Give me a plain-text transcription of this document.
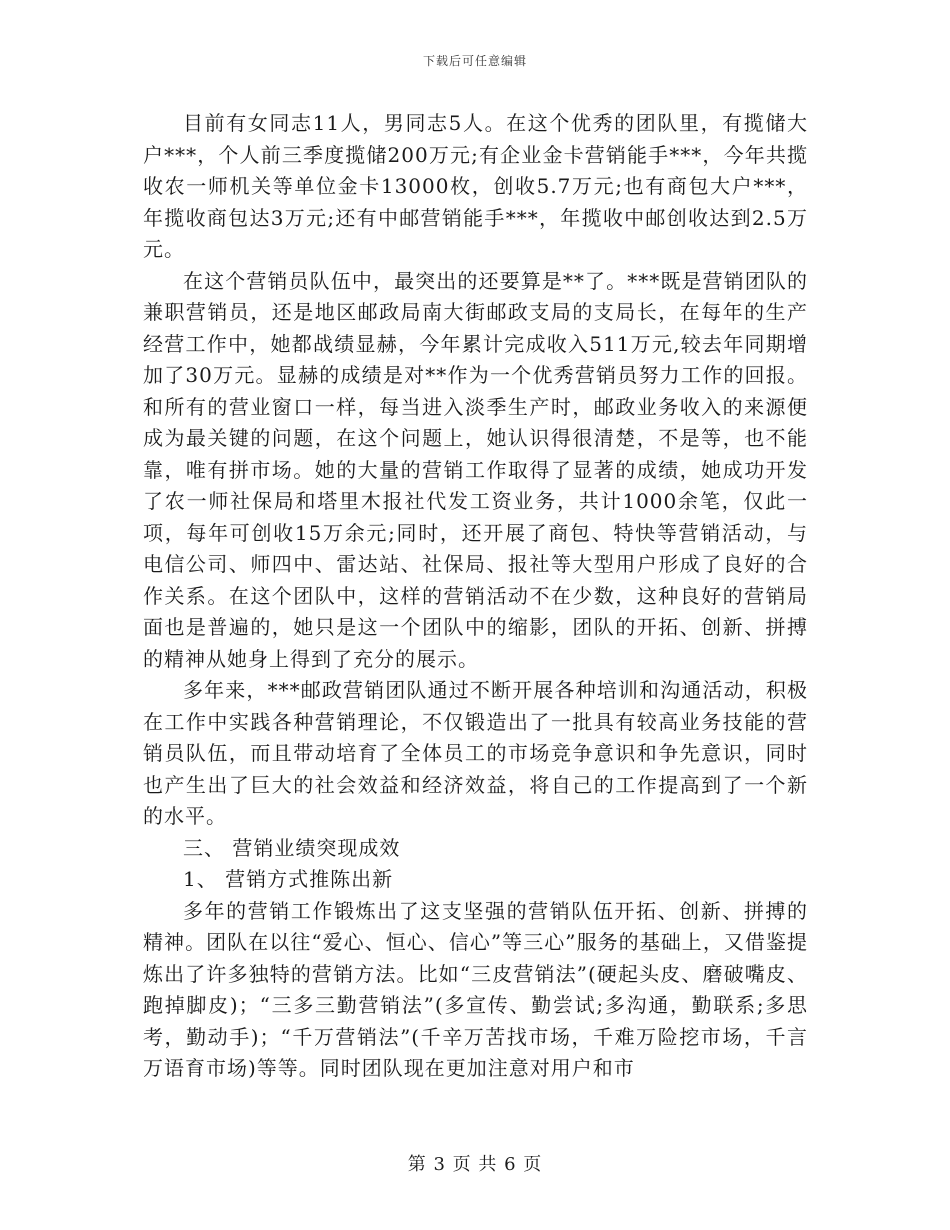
下载后可任意编辑

目前有女同志11人，男同志5人。在这个优秀的团队里，有揽储大户***，个人前三季度揽储200万元;有企业金卡营销能手***，今年共揽收农一师机关等单位金卡13000枚，创收5.7万元;也有商包大户***，年揽收商包达3万元;还有中邮营销能手***，年揽收中邮创收达到2.5万元。

在这个营销员队伍中，最突出的还要算是**了。***既是营销团队的兼职营销员，还是地区邮政局南大街邮政支局的支局长，在每年的生产经营工作中，她都战绩显赫，今年累计完成收入511万元,较去年同期增加了30万元。显赫的成绩是对**作为一个优秀营销员努力工作的回报。和所有的营业窗口一样，每当进入淡季生产时，邮政业务收入的来源便成为最关键的问题，在这个问题上，她认识得很清楚，不是等，也不能靠，唯有拼市场。她的大量的营销工作取得了显著的成绩，她成功开发了农一师社保局和塔里木报社代发工资业务，共计1000余笔，仅此一项，每年可创收15万余元;同时，还开展了商包、特快等营销活动，与电信公司、师四中、雷达站、社保局、报社等大型用户形成了良好的合作关系。在这个团队中，这样的营销活动不在少数，这种良好的营销局面也是普遍的，她只是这一个团队中的缩影，团队的开拓、创新、拼搏的精神从她身上得到了充分的展示。

多年来，***邮政营销团队通过不断开展各种培训和沟通活动，积极在工作中实践各种营销理论，不仅锻造出了一批具有较高业务技能的营销员队伍，而且带动培育了全体员工的市场竞争意识和争先意识，同时也产生出了巨大的社会效益和经济效益，将自己的工作提高到了一个新的水平。

三、 营销业绩突现成效

1、 营销方式推陈出新

多年的营销工作锻炼出了这支坚强的营销队伍开拓、创新、拼搏的精神。团队在以往“爱心、恒心、信心”等三心”服务的基础上，又借鉴提炼出了许多独特的营销方法。比如“三皮营销法”(硬起头皮、磨破嘴皮、跑掉脚皮)；“三多三勤营销法”(多宣传、勤尝试;多沟通，勤联系;多思考，勤动手)；“千万营销法”(千辛万苦找市场，千难万险挖市场，千言万语育市场)等等。同时团队现在更加注意对用户和市

第 3 页 共 6 页
